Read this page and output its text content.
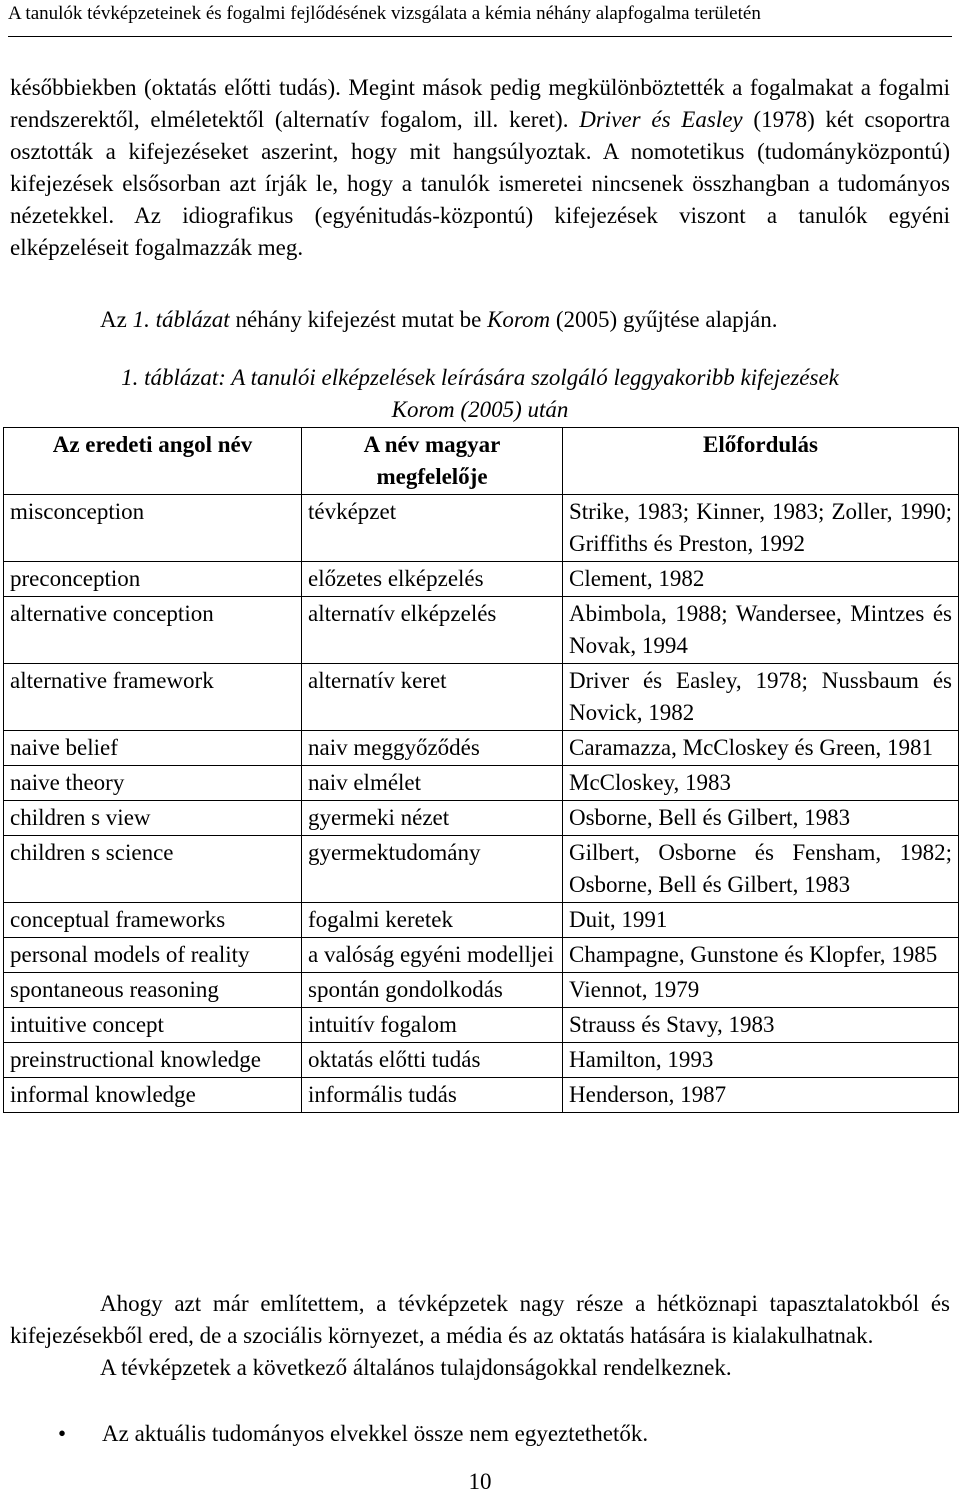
A tanulók tévképzeteinek és fogalmi fejlődésének vizsgálata a kémia néhány alapfogalma területén
későbbiekben (oktatás előtti tudás). Megint mások pedig megkülönböztették a fogalmakat a fogalmi rendszerektől, elméletektől (alternatív fogalom, ill. keret). Driver és Easley (1978) két csoportra osztották a kifejezéseket aszerint, hogy mit hangsúlyoztak. A nomotetikus (tudományközpontú) kifejezések elsősorban azt írják le, hogy a tanulók ismeretei nincsenek összhangban a tudományos nézetekkel. Az idiografikus (egyénitudás-központú) kifejezések viszont a tanulók egyéni elképzeléseit fogalmazzák meg.
Az 1. táblázat néhány kifejezést mutat be Korom (2005) gyűjtése alapján.
1. táblázat: A tanulói elképzelések leírására szolgáló leggyakoribb kifejezések
Korom (2005) után
Az eredeti angol név	A név magyar megfelelője	Előfordulás
misconception	tévképzet	Strike, 1983; Kinner, 1983; Zoller, 1990; Griffiths és Preston, 1992
preconception	előzetes elképzelés	Clement, 1982
alternative conception	alternatív elképzelés	Abimbola, 1988; Wandersee, Mintzes és Novak, 1994
alternative framework	alternatív keret	Driver és Easley, 1978; Nussbaum és Novick, 1982
naive belief	naiv meggyőződés	Caramazza, McCloskey és Green, 1981
naive theory	naiv elmélet	McCloskey, 1983
children s view	gyermeki nézet	Osborne, Bell és Gilbert, 1983
children s science	gyermektudomány	Gilbert, Osborne és Fensham, 1982; Osborne, Bell és Gilbert, 1983
conceptual frameworks	fogalmi keretek	Duit, 1991
personal models of reality	a valóság egyéni modelljei	Champagne, Gunstone és Klopfer, 1985
spontaneous reasoning	spontán gondolkodás	Viennot, 1979
intuitive concept	intuitív fogalom	Strauss és Stavy, 1983
preinstructional knowledge	oktatás előtti tudás	Hamilton, 1993
informal knowledge	informális tudás	Henderson, 1987
Ahogy azt már említettem, a tévképzetek nagy része a hétköznapi tapasztalatokból és kifejezésekből ered, de a szociális környezet, a média és az oktatás hatására is kialakulhatnak.
A tévképzetek a következő általános tulajdonságokkal rendelkeznek.
• Az aktuális tudományos elvekkel össze nem egyeztethetők.
10
